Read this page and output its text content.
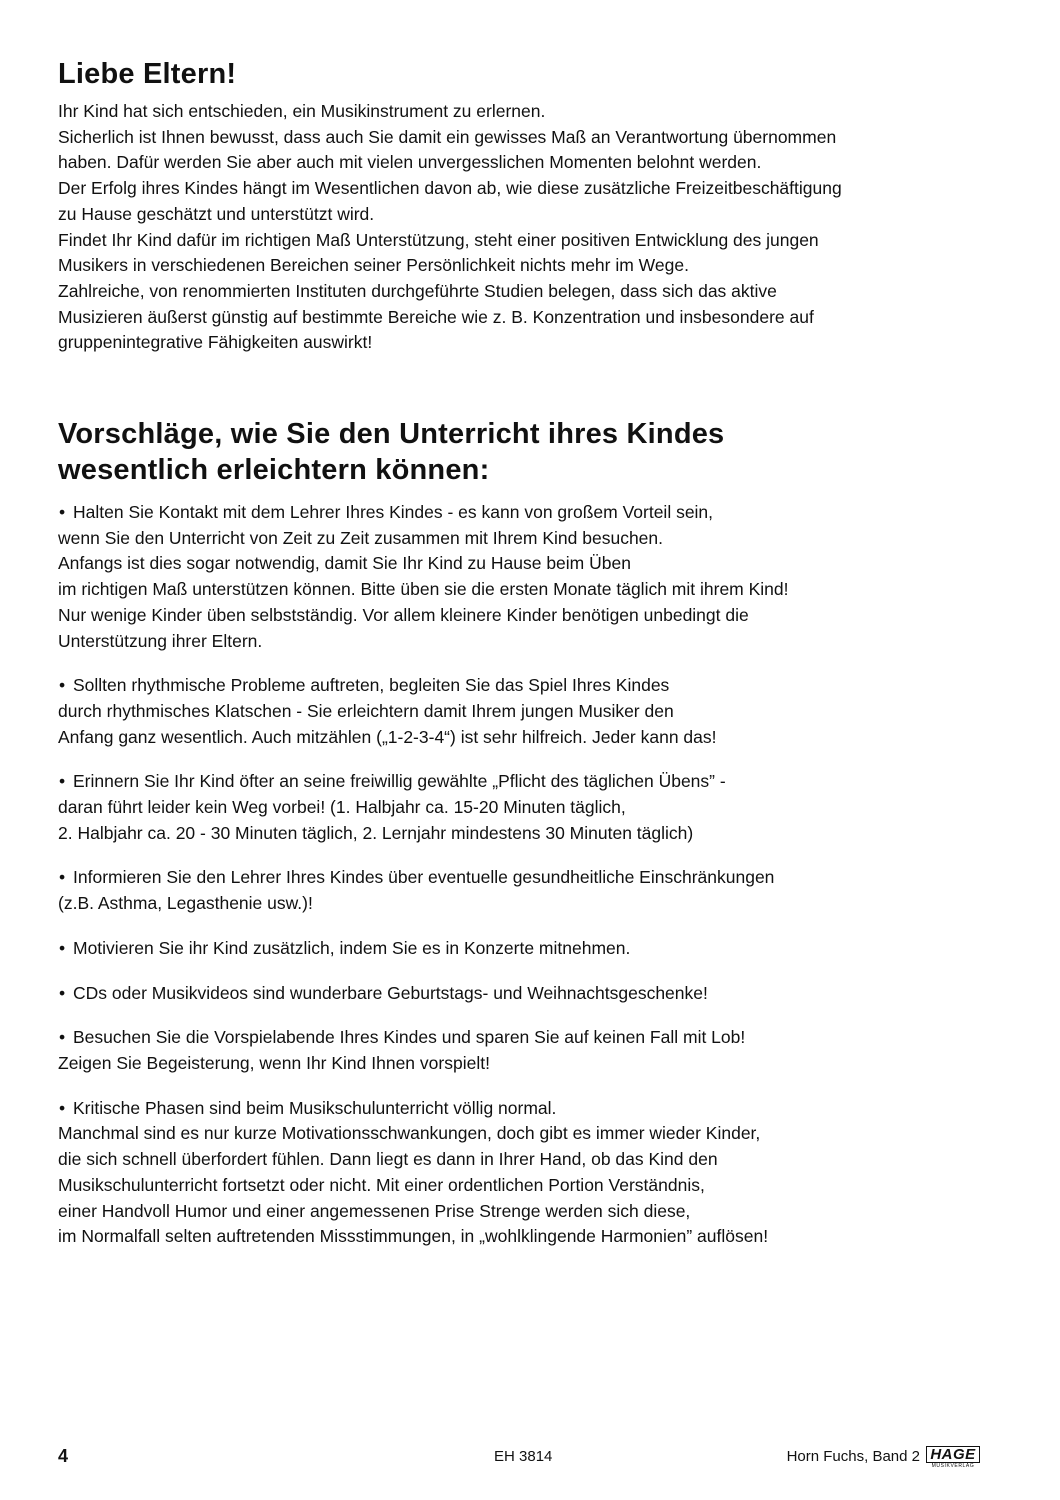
Liebe Eltern!
Ihr Kind hat sich entschieden, ein Musikinstrument zu erlernen.
Sicherlich ist Ihnen bewusst, dass auch Sie damit ein gewisses Maß an Verantwortung übernommen
haben. Dafür werden Sie aber auch mit vielen unvergesslichen Momenten belohnt werden.
Der Erfolg ihres Kindes hängt im Wesentlichen davon ab, wie diese zusätzliche Freizeitbeschäftigung
zu Hause geschätzt und unterstützt wird.
Findet Ihr Kind dafür im richtigen Maß Unterstützung, steht einer positiven Entwicklung des jungen
Musikers in verschiedenen Bereichen seiner Persönlichkeit nichts mehr im Wege.
Zahlreiche, von renommierten Instituten durchgeführte Studien belegen, dass sich das aktive
Musizieren äußerst günstig auf bestimmte Bereiche wie z. B. Konzentration und insbesondere auf
gruppenintegrative Fähigkeiten auswirkt!
Vorschläge, wie Sie den Unterricht ihres Kindes
wesentlich erleichtern können:
• Halten Sie Kontakt mit dem Lehrer Ihres Kindes - es kann von großem Vorteil sein,
wenn Sie den Unterricht von Zeit zu Zeit zusammen mit Ihrem Kind besuchen.
Anfangs ist dies sogar notwendig, damit Sie Ihr Kind zu Hause beim Üben
im richtigen Maß unterstützen können. Bitte üben sie die ersten Monate täglich mit ihrem Kind!
Nur wenige Kinder üben selbstständig. Vor allem kleinere Kinder benötigen unbedingt die
Unterstützung ihrer Eltern.
• Sollten rhythmische Probleme auftreten, begleiten Sie das Spiel Ihres Kindes
durch rhythmisches Klatschen - Sie erleichtern damit Ihrem jungen Musiker den
Anfang ganz wesentlich. Auch mitzählen („1-2-3-4“) ist sehr hilfreich. Jeder kann das!
• Erinnern Sie Ihr Kind öfter an seine freiwillig gewählte „Pflicht des täglichen Übens” -
daran führt leider kein Weg vorbei! (1. Halbjahr ca. 15-20 Minuten täglich,
2. Halbjahr ca. 20 - 30 Minuten täglich, 2. Lernjahr mindestens 30 Minuten täglich)
• Informieren Sie den Lehrer Ihres Kindes über eventuelle gesundheitliche Einschränkungen
(z.B. Asthma, Legasthenie usw.)!
• Motivieren Sie ihr Kind zusätzlich, indem Sie es in Konzerte mitnehmen.
• CDs oder Musikvideos sind wunderbare Geburtstags- und Weihnachtsgeschenke!
• Besuchen Sie die Vorspielabende Ihres Kindes und sparen Sie auf keinen Fall mit Lob!
Zeigen Sie Begeisterung, wenn Ihr Kind Ihnen vorspielt!
• Kritische Phasen sind beim Musikschulunterricht völlig normal.
Manchmal sind es nur kurze Motivationsschwankungen, doch gibt es immer wieder Kinder,
die sich schnell überfordert fühlen. Dann liegt es dann in Ihrer Hand, ob das Kind den
Musikschulunterricht fortsetzt oder nicht. Mit einer ordentlichen Portion Verständnis,
einer Handvoll Humor und einer angemessenen Prise Strenge werden sich diese,
im Normalfall selten auftretenden Missstimmungen, in „wohlklingende Harmonien” auflösen!
4	EH 3814	Horn Fuchs, Band 2 HAGE
MUSIKVERLAG
